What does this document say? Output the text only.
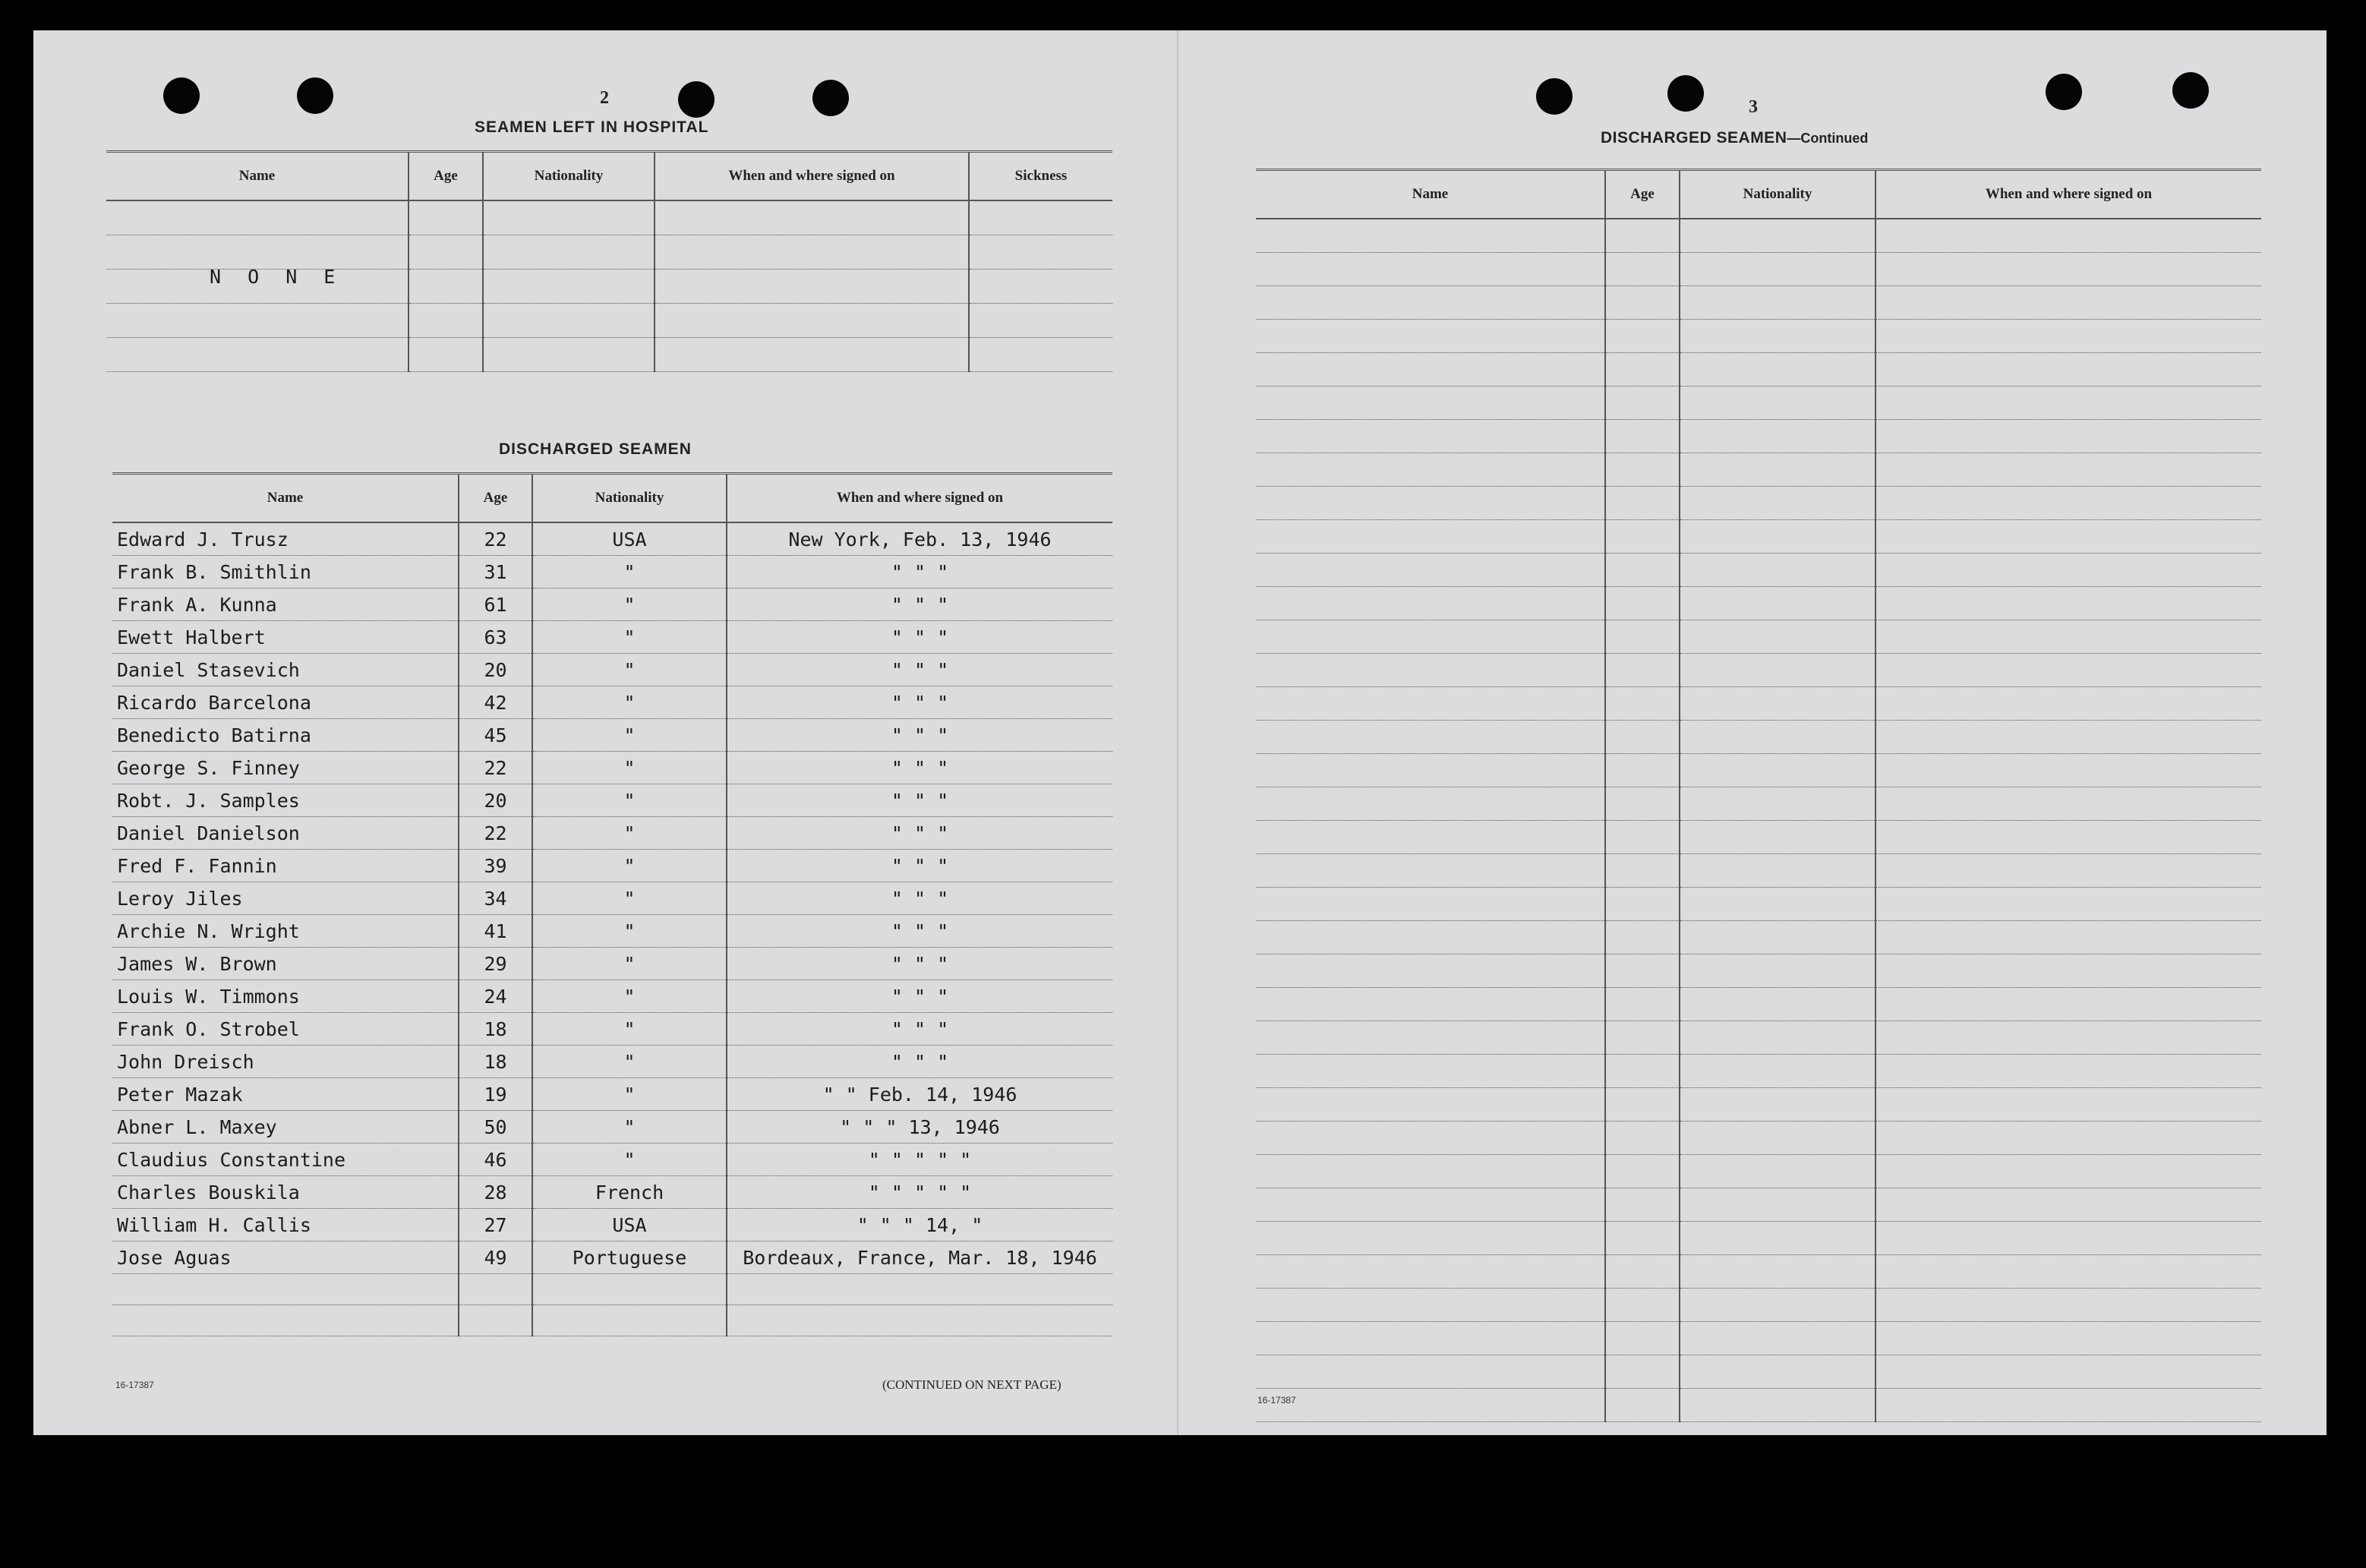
2
SEAMEN LEFT IN HOSPITAL
Name	Age	Nationality	When and where signed on	Sickness

N O N E
DISCHARGED SEAMEN
Name	Age	Nationality	When and where signed on
Edward J. Trusz	22	USA	New York, Feb. 13, 1946
Frank B. Smithlin	31	"	" " "
Frank A. Kunna	61	"	" " "
Ewett Halbert	63	"	" " "
Daniel Stasevich	20	"	" " "
Ricardo Barcelona	42	"	" " "
Benedicto Batirna	45	"	" " "
George S. Finney	22	"	" " "
Robt. J. Samples	20	"	" " "
Daniel Danielson	22	"	" " "
Fred F. Fannin	39	"	" " "
Leroy Jiles	34	"	" " "
Archie N. Wright	41	"	" " "
James W. Brown	29	"	" " "
Louis W. Timmons	24	"	" " "
Frank O. Strobel	18	"	" " "
John Dreisch	18	"	" " "
Peter Mazak	19	"	" " Feb. 14, 1946
Abner L. Maxey	50	"	" " " 13, 1946
Claudius Constantine	46	"	" " " " "
Charles Bouskila	28	French	" " " " "
William H. Callis	27	USA	" " " 14, "
Jose Aguas	49	Portuguese	Bordeaux, France, Mar. 18, 1946

16-17387	(CONTINUED ON NEXT PAGE)
3
DISCHARGED SEAMEN—Continued
Name	Age	Nationality	When and where signed on

16-17387
